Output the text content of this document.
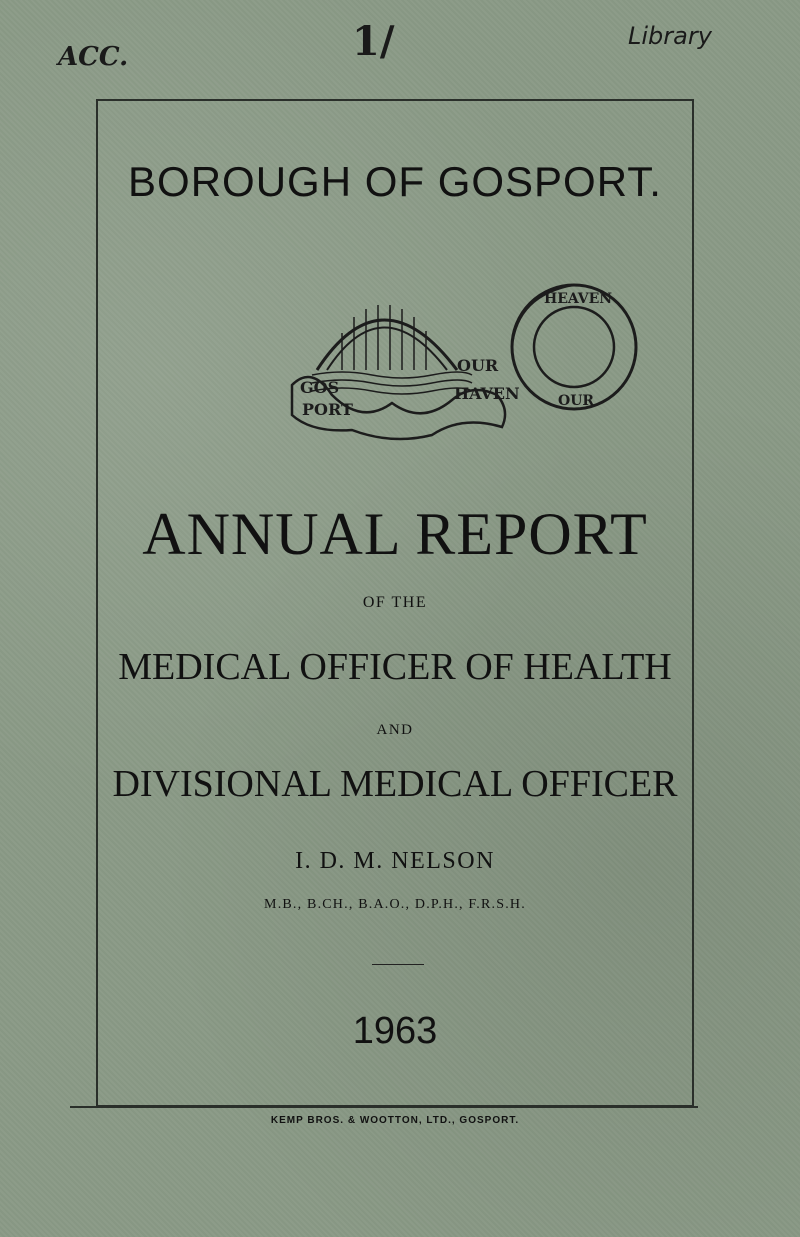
ACC.	1/	Library
BOROUGH OF GOSPORT.
GOS
PORT
OUR
HAVEN
HEAVEN
OUR
ANNUAL REPORT
OF THE
MEDICAL OFFICER OF HEALTH
AND
DIVISIONAL MEDICAL OFFICER
I. D. M. NELSON
M.B., B.CH., B.A.O., D.P.H., F.R.S.H.
1963
KEMP BROS. & WOOTTON, LTD., GOSPORT.
